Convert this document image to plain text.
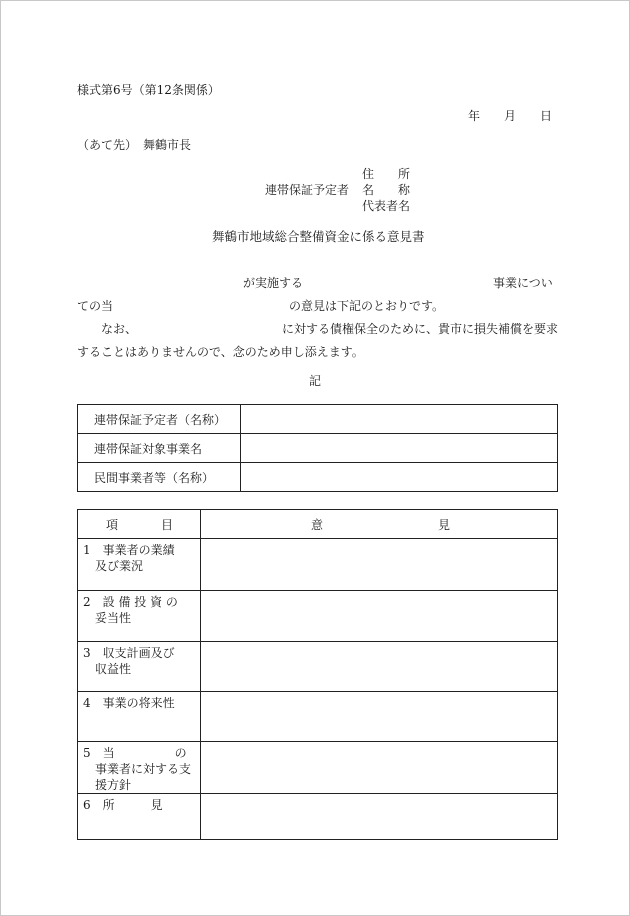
様式第6号（第12条関係）
年 月 日
（あて先）　舞鶴市長
連帯保証予定者
住　　所
名　　称
代表者名
舞鶴市地域総合整備資金に係る意見書
が実施する	事業につい
ての当	の意見は下記のとおりです。
なお、	に対する債権保全のために、貴市に損失補償を要求
することはありませんので、念のため申し添えます。
記
連帯保証予定者（名称）	
連帯保証対象事業名	
民間事業者等（名称）	
項 目	意 見

1　事業者の業績
　及び業況	

2　設 備 投 資 の
　妥当性	

3　収支計画及び
　収益性	

4　事業の将来性	

5　当　　　　　の
　事業者に対する支
　援方針	

6　所　　　見	
